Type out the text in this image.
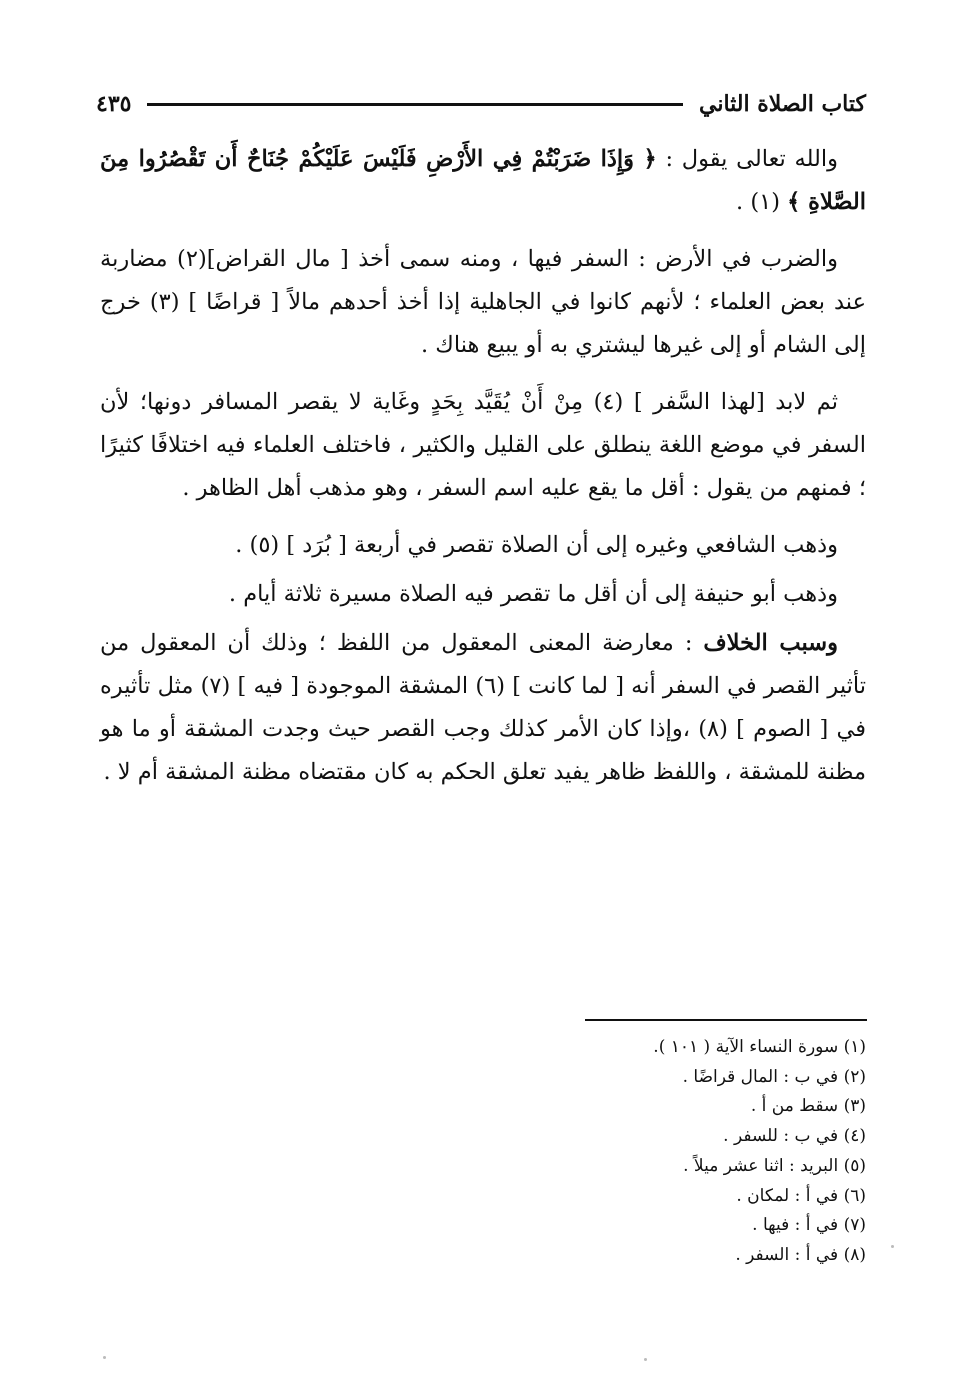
كتاب الصلاة الثاني
٤٣٥

والله تعالى يقول : ﴿ وَإِذَا ضَرَبْتُمْ فِي الأَرْضِ فَلَيْسَ عَلَيْكُمْ جُنَاحٌ أَن تَقْصُرُوا مِنَ الصَّلاةِ ﴾ (١) .

والضرب في الأرض : السفر فيها ، ومنه سمى أخذ [ مال القراض](٢) مضاربة عند بعض العلماء ؛ لأنهم كانوا في الجاهلية إذا أخذ أحدهم مالاً [ قراضًا ] (٣) خرج إلى الشام أو إلى غيرها ليشتري به أو يبيع هناك .

ثم لابد [لهذا السَّفر ] (٤) مِنْ أَنْ يُقَيَّد بِحَدٍ وغَاية لا يقصر المسافر دونها؛ لأن السفر في موضع اللغة ينطلق على القليل والكثير ، فاختلف العلماء فيه اختلافًا كثيرًا ؛ فمنهم من يقول : أقل ما يقع عليه اسم السفر ، وهو مذهب أهل الظاهر .

وذهب الشافعي وغيره إلى أن الصلاة تقصر في أربعة [ بُرَد ] (٥) .

وذهب أبو حنيفة إلى أن أقل ما تقصر فيه الصلاة مسيرة ثلاثة أيام .

وسبب الخلاف : معارضة المعنى المعقول من اللفظ ؛ وذلك أن المعقول من تأثير القصر في السفر أنه [ لما كانت ] (٦) المشقة الموجودة [ فيه ] (٧) مثل تأثيره في [ الصوم ] (٨) ،وإذا كان الأمر كذلك وجب القصر حيث وجدت المشقة أو ما هو مظنة للمشقة ، واللفظ ظاهر يفيد تعلق الحكم به كان مقتضاه مظنة المشقة أم لا .

(١) سورة النساء الآية ( ١٠١ ).

(٢) في ب : المال قراضًا .

(٣) سقط من أ .

(٤) في ب : للسفر .

(٥) البريد : اثنا عشر ميلاً .

(٦) في أ : لمكان .

(٧) في أ : فيها .

(٨) في أ : السفر .
